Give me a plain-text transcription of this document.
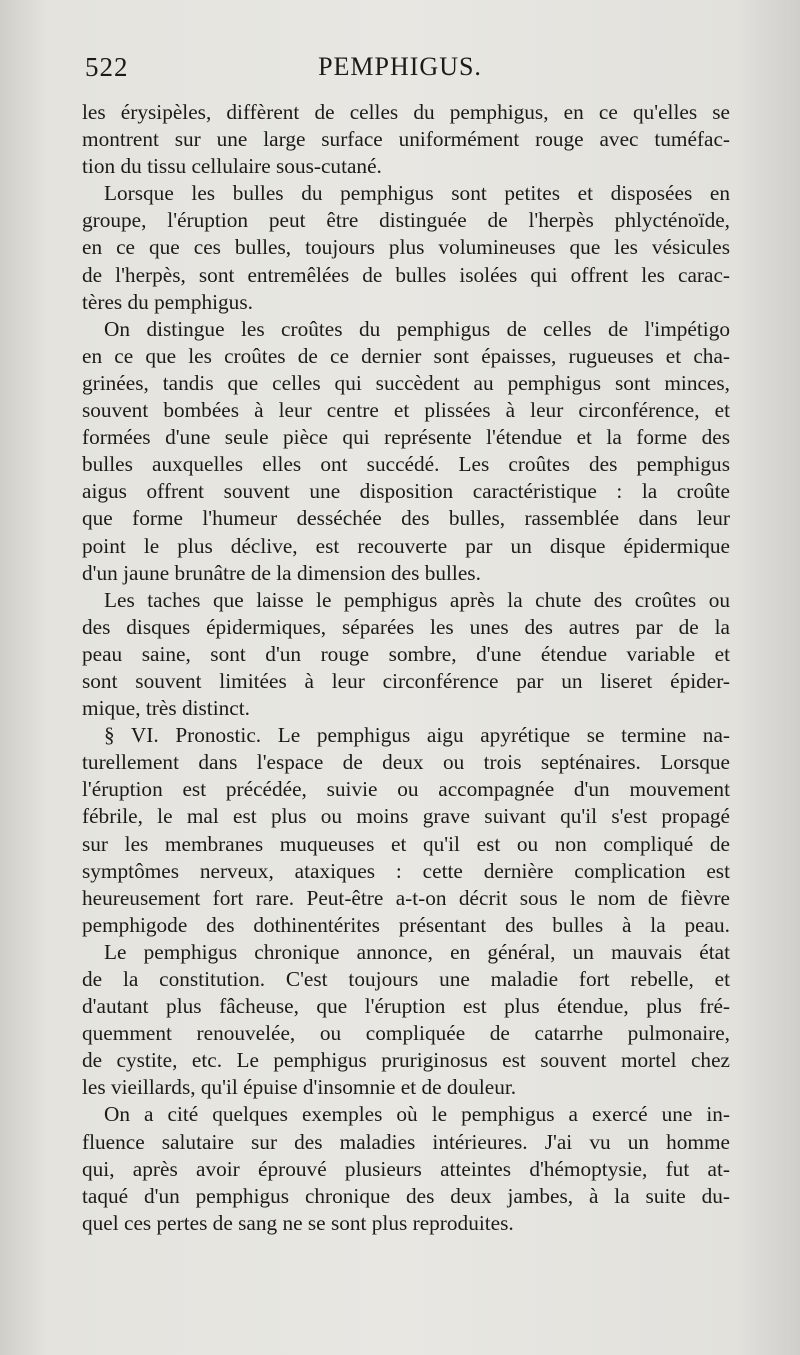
522	PEMPHIGUS.

les érysipèles, diffèrent de celles du pemphigus, en ce qu'elles se

montrent sur une large surface uniformément rouge avec tuméfac-

tion du tissu cellulaire sous-cutané.

Lorsque les bulles du pemphigus sont petites et disposées en

groupe, l'éruption peut être distinguée de l'herpès phlycténoïde,

en ce que ces bulles, toujours plus volumineuses que les vésicules

de l'herpès, sont entremêlées de bulles isolées qui offrent les carac-

tères du pemphigus.

On distingue les croûtes du pemphigus de celles de l'impétigo

en ce que les croûtes de ce dernier sont épaisses, rugueuses et cha-

grinées, tandis que celles qui succèdent au pemphigus sont minces,

souvent bombées à leur centre et plissées à leur circonférence, et

formées d'une seule pièce qui représente l'étendue et la forme des

bulles auxquelles elles ont succédé. Les croûtes des pemphigus

aigus offrent souvent une disposition caractéristique : la croûte

que forme l'humeur desséchée des bulles, rassemblée dans leur

point le plus déclive, est recouverte par un disque épidermique

d'un jaune brunâtre de la dimension des bulles.

Les taches que laisse le pemphigus après la chute des croûtes ou

des disques épidermiques, séparées les unes des autres par de la

peau saine, sont d'un rouge sombre, d'une étendue variable et

sont souvent limitées à leur circonférence par un liseret épider-

mique, très distinct.

§ VI. Pronostic. Le pemphigus aigu apyrétique se termine na-

turellement dans l'espace de deux ou trois septénaires. Lorsque

l'éruption est précédée, suivie ou accompagnée d'un mouvement

fébrile, le mal est plus ou moins grave suivant qu'il s'est propagé

sur les membranes muqueuses et qu'il est ou non compliqué de

symptômes nerveux, ataxiques : cette dernière complication est

heureusement fort rare. Peut-être a-t-on décrit sous le nom de fièvre

pemphigode des dothinentérites présentant des bulles à la peau.

Le pemphigus chronique annonce, en général, un mauvais état

de la constitution. C'est toujours une maladie fort rebelle, et

d'autant plus fâcheuse, que l'éruption est plus étendue, plus fré-

quemment renouvelée, ou compliquée de catarrhe pulmonaire,

de cystite, etc. Le pemphigus pruriginosus est souvent mortel chez

les vieillards, qu'il épuise d'insomnie et de douleur.

On a cité quelques exemples où le pemphigus a exercé une in-

fluence salutaire sur des maladies intérieures. J'ai vu un homme

qui, après avoir éprouvé plusieurs atteintes d'hémoptysie, fut at-

taqué d'un pemphigus chronique des deux jambes, à la suite du-

quel ces pertes de sang ne se sont plus reproduites.
